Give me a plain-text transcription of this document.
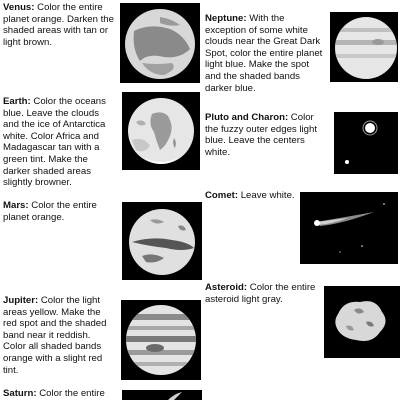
Venus: Color the entire planet orange. Darken the shaded areas with tan or light brown.
Earth: Color the oceans blue. Leave the clouds and the ice of Antarctica white. Color Africa and Madagascar tan with a green tint. Make the darker shaded areas slightly browner.
Mars: Color the entire planet orange.
Jupiter: Color the light areas yellow. Make the red spot and the shaded band near it reddish. Color all shaded bands orange with a slight red tint.
Saturn: Color the entire
Neptune: With the exception of some white clouds near the Great Dark Spot, color the entire planet light blue. Make the spot and the shaded bands darker blue.
Pluto and Charon: Color the fuzzy outer edges light blue. Leave the centers white.
Comet: Leave white.
Asteroid: Color the entire asteroid light gray.
